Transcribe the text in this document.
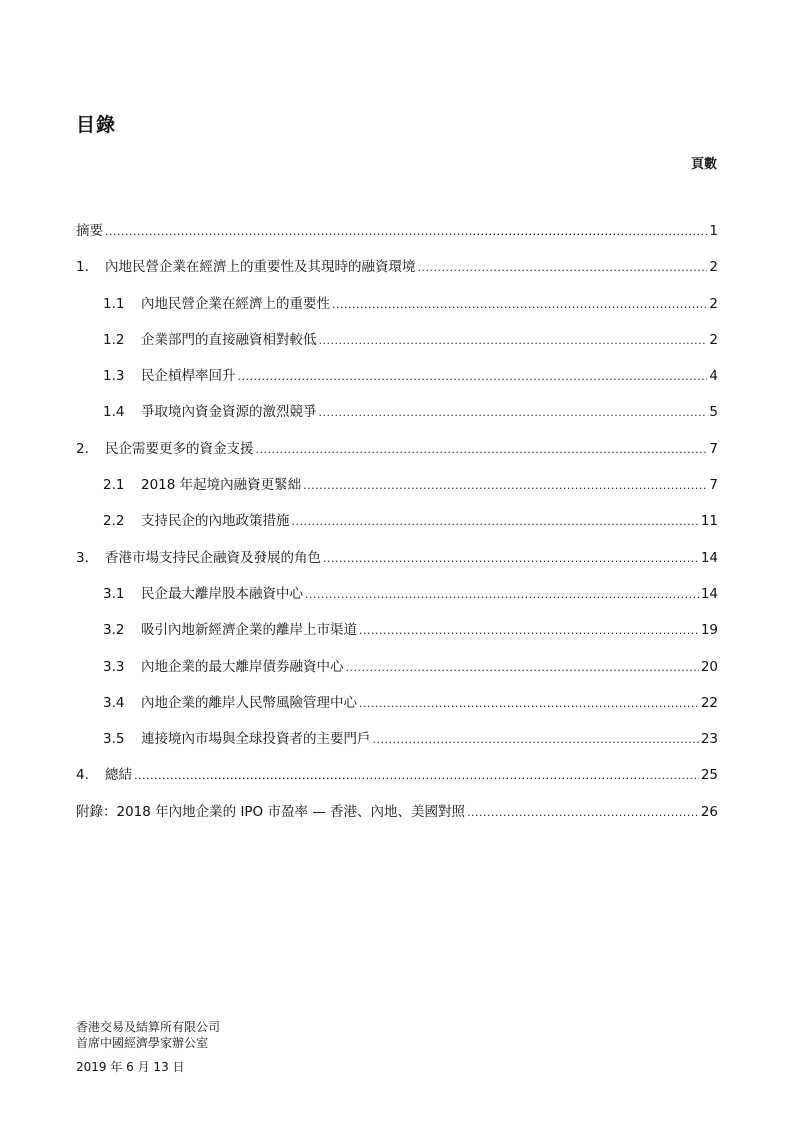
目錄
頁數
摘要 .....	1
1.	內地民營企業在經濟上的重要性及其現時的融資環境 .....	2
1.1	內地民營企業在經濟上的重要性 .....	2
1.2	企業部門的直接融資相對較低 .....	2
1.3	民企槓桿率回升 .....	4
1.4	爭取境內資金資源的激烈競爭 .....	5
2.	民企需要更多的資金支援 .....	7
2.1	2018 年起境內融資更緊絀 .....	7
2.2	支持民企的內地政策措施 .....	11
3.	香港市場支持民企融資及發展的角色 .....	14
3.1	民企最大離岸股本融資中心 .....	14
3.2	吸引內地新經濟企業的離岸上市渠道 .....	19
3.3	內地企業的最大離岸債券融資中心 .....	20
3.4	內地企業的離岸人民幣風險管理中心 .....	22
3.5	連接境內市場與全球投資者的主要門戶 .....	23
4.	總結 .....	25
附錄：2018 年內地企業的 IPO 市盈率 — 香港、內地、美國對照 .....	26
香港交易及結算所有限公司
首席中國經濟學家辦公室
2019 年 6 月 13 日
